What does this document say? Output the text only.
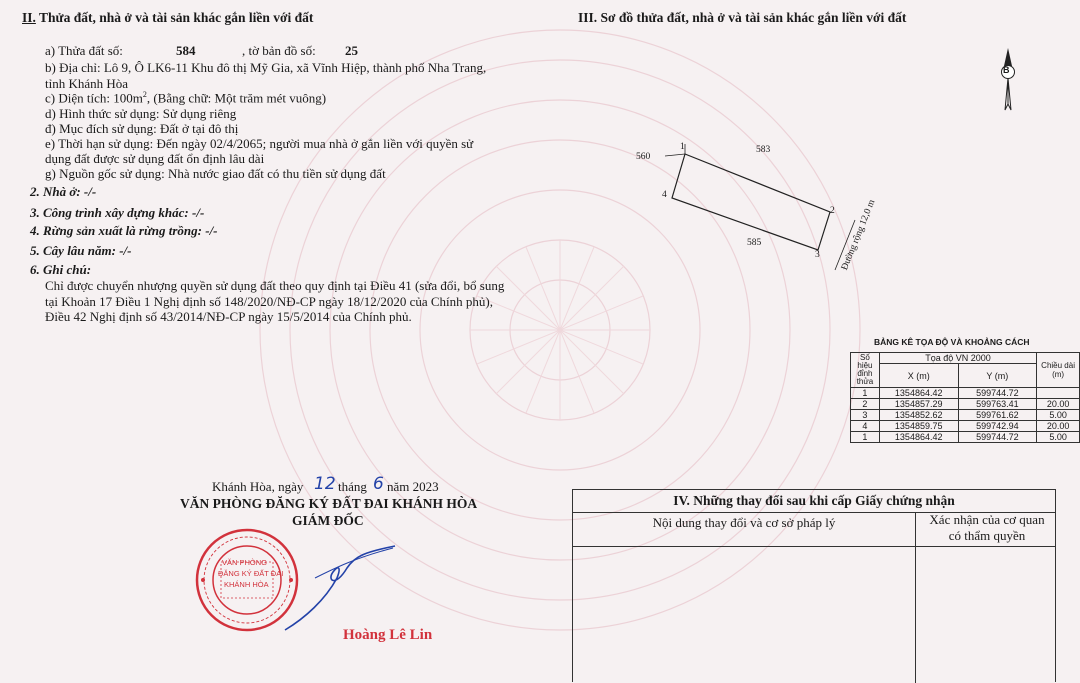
II. Thửa đất, nhà ở và tài sản khác gắn liền với đất
a) Thửa đất số:	584	, tờ bản đồ số: 25
b) Địa chỉ: Lô 9, Ô LK6-11 Khu đô thị Mỹ Gia, xã Vĩnh Hiệp, thành phố Nha Trang,
tỉnh Khánh Hòa
c) Diện tích: $100m^2$, (Bằng chữ: Một trăm mét vuông)
d) Hình thức sử dụng: Sử dụng riêng
đ) Mục đích sử dụng: Đất ở tại đô thị
e) Thời hạn sử dụng: Đến ngày 02/4/2065; người mua nhà ở gắn liền với quyền sử
dụng đất được sử dụng đất ổn định lâu dài
g) Nguồn gốc sử dụng: Nhà nước giao đất có thu tiền sử dụng đất
2. Nhà ở: -/-
3. Công trình xây dựng khác: -/-
4. Rừng sản xuất là rừng trồng: -/-
5. Cây lâu năm: -/-
6. Ghi chú:
Chỉ được chuyển nhượng quyền sử dụng đất theo quy định tại Điều 41 (sửa đổi, bổ sung
tại Khoản 17 Điều 1 Nghị định số 148/2020/NĐ-CP ngày 18/12/2020 của Chính phủ),
Điều 42 Nghị định số 43/2014/NĐ-CP ngày 15/5/2014 của Chính phủ.
III. Sơ đồ thửa đất, nhà ở và tài sản khác gắn liền với đất
B
583
560
585
1
2
3
4
Đường rộng 12,0 m
BẢNG KÊ TỌA ĐỘ VÀ KHOẢNG CÁCH
Số hiệu
đỉnh
thửa	Tọa độ VN 2000		Chiều dài
(m)
	X (m)	Y (m)	

1	1354864.42	599744.72	
2	1354857.29	599763.41	20.00
3	1354852.62	599761.62	5.00
4	1354859.75	599742.94	20.00
1	1354864.42	599744.72	5.00
Khánh Hòa, ngày 12 tháng 6 năm 2023
VĂN PHÒNG ĐĂNG KÝ ĐẤT ĐAI KHÁNH HÒA
GIÁM ĐỐC
VĂN PHÒNG
ĐĂNG KÝ ĐẤT ĐAI
KHÁNH HÒA
Hoàng Lê Lin
IV. Những thay đổi sau khi cấp Giấy chứng nhận
Nội dung thay đổi và cơ sở pháp lý	Xác nhận của cơ quan
có thẩm quyền
